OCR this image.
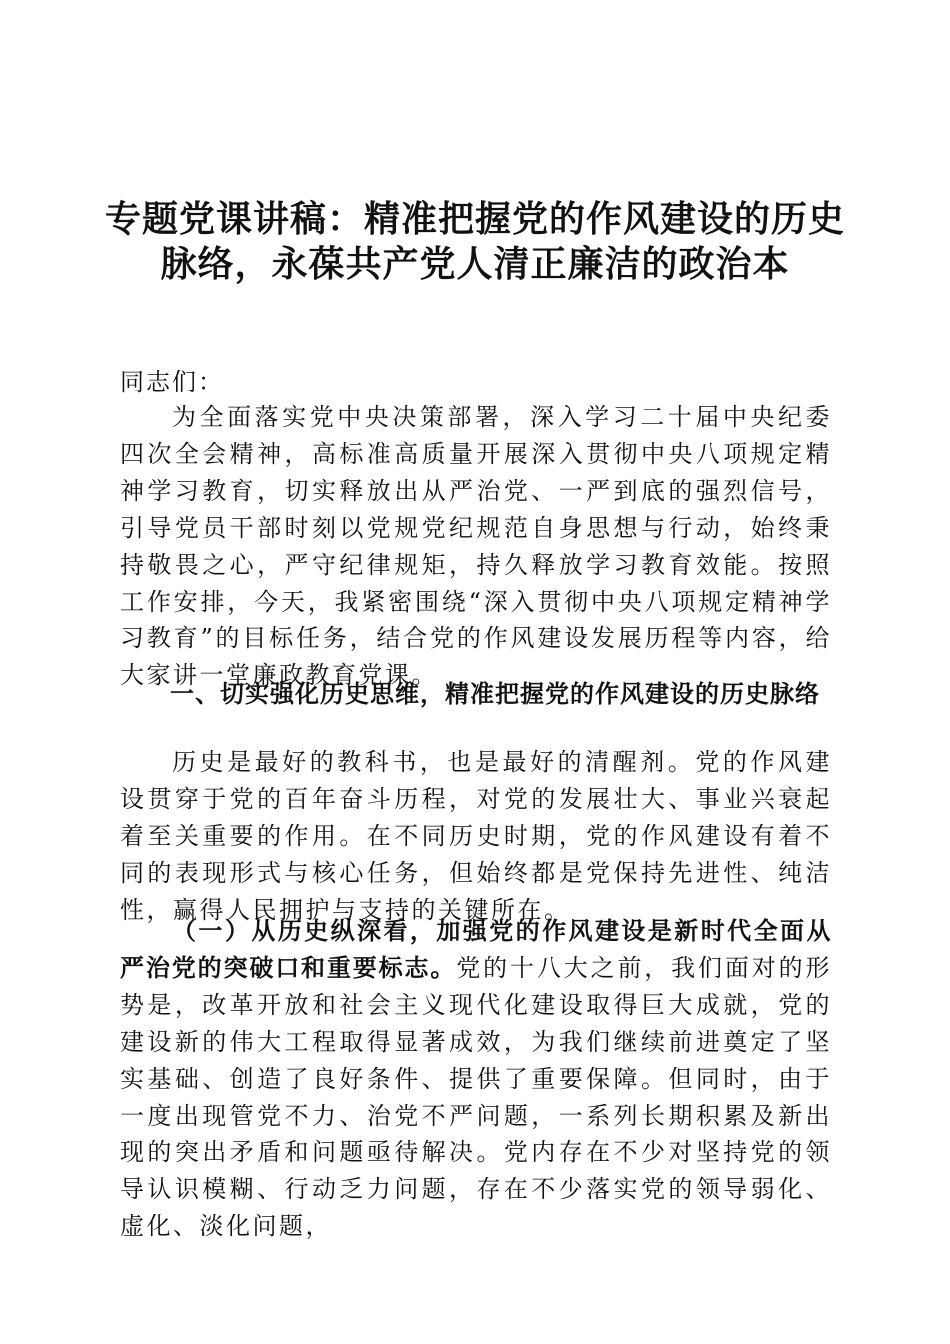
专题党课讲稿：精准把握党的作风建设的历史
脉络，永葆共产党人清正廉洁的政治本
同志们：
为全面落实党中央决策部署，深入学习二十届中央纪委四次全会精神，高标准高质量开展深入贯彻中央八项规定精神学习教育，切实释放出从严治党、一严到底的强烈信号，引导党员干部时刻以党规党纪规范自身思想与行动，始终秉持敬畏之心，严守纪律规矩，持久释放学习教育效能。按照工作安排，今天，我紧密围绕“深入贯彻中央八项规定精神学习教育”的目标任务，结合党的作风建设发展历程等内容，给大家讲一堂廉政教育党课。
一、切实强化历史思维，精准把握党的作风建设的历史脉络
历史是最好的教科书，也是最好的清醒剂。党的作风建设贯穿于党的百年奋斗历程，对党的发展壮大、事业兴衰起着至关重要的作用。在不同历史时期，党的作风建设有着不同的表现形式与核心任务，但始终都是党保持先进性、纯洁性，赢得人民拥护与支持的关键所在。
（一）从历史纵深看，加强党的作风建设是新时代全面从严治党的突破口和重要标志。党的十八大之前，我们面对的形势是，改革开放和社会主义现代化建设取得巨大成就，党的建设新的伟大工程取得显著成效，为我们继续前进奠定了坚实基础、创造了良好条件、提供了重要保障。但同时，由于一度出现管党不力、治党不严问题，一系列长期积累及新出现的突出矛盾和问题亟待解决。党内存在不少对坚持党的领导认识模糊、行动乏力问题，存在不少落实党的领导弱化、虚化、淡化问题，
